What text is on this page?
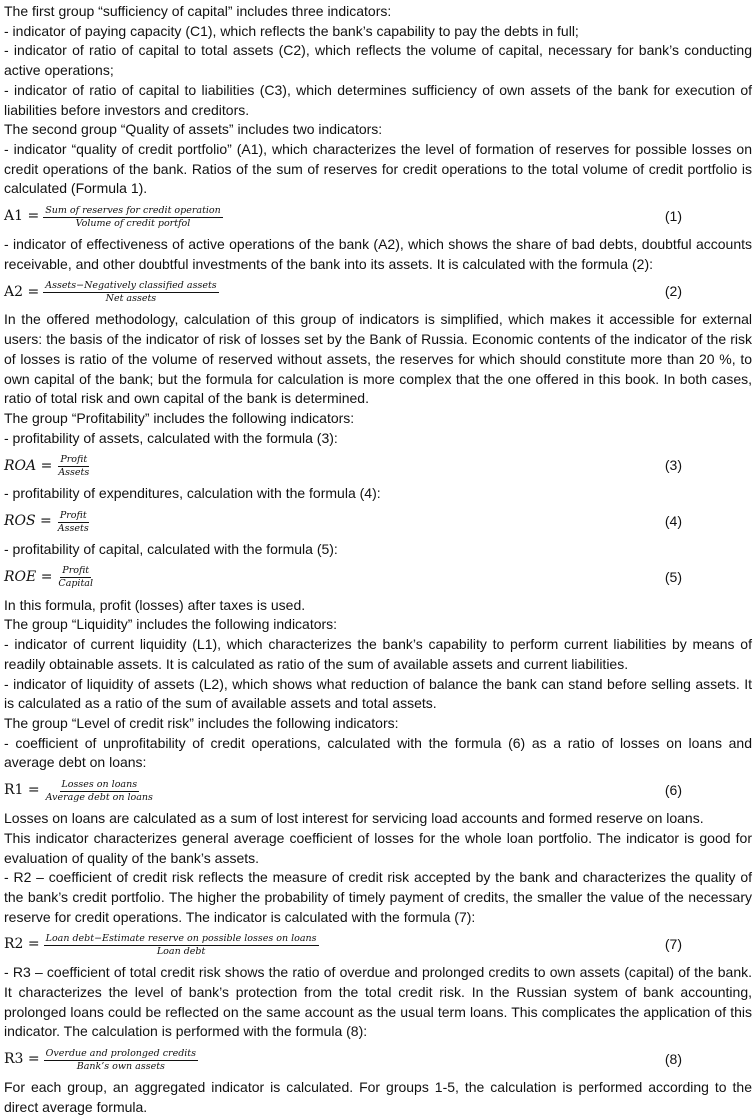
The first group “sufficiency of capital” includes three indicators:

- indicator of paying capacity (C1), which reflects the bank’s capability to pay the debts in full;

- indicator of ratio of capital to total assets (C2), which reflects the volume of capital, necessary for bank’s conducting active operations;

- indicator of ratio of capital to liabilities (C3), which determines sufficiency of own assets of the bank for execution of liabilities before investors and creditors.

The second group “Quality of assets” includes two indicators:

- indicator “quality of credit portfolio” (A1), which characterizes the level of formation of reserves for possible losses on credit operations of the bank. Ratios of the sum of reserves for credit operations to the total volume of credit portfolio is calculated (Formula 1).

$A1 = \frac{\text{Sum of reserves for credit operation}}{\text{Volume of credit portfol}}$	(1)

- indicator of effectiveness of active operations of the bank (A2), which shows the share of bad debts, doubtful accounts receivable, and other doubtful investments of the bank into its assets. It is calculated with the formula (2):

$A2 = \frac{\text{Assets−Negatively classified assets}}{\text{Net assets}}$	(2)

In the offered methodology, calculation of this group of indicators is simplified, which makes it accessible for external users: the basis of the indicator of risk of losses set by the Bank of Russia. Economic contents of the indicator of the risk of losses is ratio of the volume of reserved without assets, the reserves for which should constitute more than 20 %, to own capital of the bank; but the formula for calculation is more complex that the one offered in this book. In both cases, ratio of total risk and own capital of the bank is determined.

The group “Profitability” includes the following indicators:

- profitability of assets, calculated with the formula (3):

ROA = $\frac{\text{Profit}}{\text{Assets}}$	(3)

- profitability of expenditures, calculation with the formula (4):

ROS = $\frac{\text{Profit}}{\text{Assets}}$	(4)

- profitability of capital, calculated with the formula (5):

ROE = $\frac{\text{Profit}}{\text{Capital}}$	(5)

In this formula, profit (losses) after taxes is used.

The group “Liquidity” includes the following indicators:

- indicator of current liquidity (L1), which characterizes the bank’s capability to perform current liabilities by means of readily obtainable assets. It is calculated as ratio of the sum of available assets and current liabilities.

- indicator of liquidity of assets (L2), which shows what reduction of balance the bank can stand before selling assets. It is calculated as a ratio of the sum of available assets and total assets.

The group “Level of credit risk” includes the following indicators:

- coefficient of unprofitability of credit operations, calculated with the formula (6) as a ratio of losses on loans and average debt on loans:

$R1 = \frac{\text{Losses on loans}}{\text{Average debt on loans}}$	(6)

Losses on loans are calculated as a sum of lost interest for servicing load accounts and formed reserve on loans.

This indicator characterizes general average coefficient of losses for the whole loan portfolio. The indicator is good for evaluation of quality of the bank’s assets.

- R2 – coefficient of credit risk reflects the measure of credit risk accepted by the bank and characterizes the quality of the bank’s credit portfolio. The higher the probability of timely payment of credits, the smaller the value of the necessary reserve for credit operations. The indicator is calculated with the formula (7):

$R2 = \frac{\text{Loan debt−Estimate reserve on possible losses on loans}}{\text{Loan debt}}$	(7)

- R3 – coefficient of total credit risk shows the ratio of overdue and prolonged credits to own assets (capital) of the bank. It characterizes the level of bank’s protection from the total credit risk. In the Russian system of bank accounting, prolonged loans could be reflected on the same account as the usual term loans. This complicates the application of this indicator. The calculation is performed with the formula (8):

$R3 = \frac{\text{Overdue and prolonged credits}}{\text{Bank’s own assets}}$	(8)

For each group, an aggregated indicator is calculated. For groups 1-5, the calculation is performed according to the direct average formula.
